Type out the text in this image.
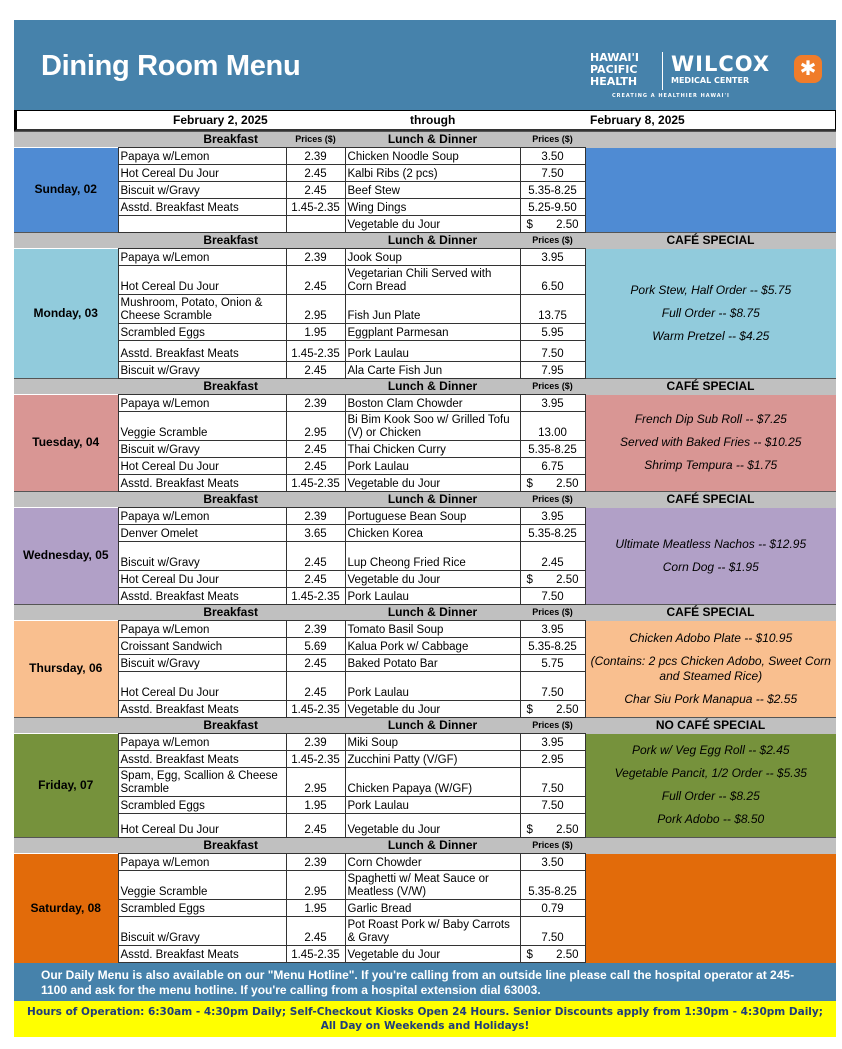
Dining Room Menu	HAWAI'I
PACIFIC
HEALTH
WILCOX
MEDICAL CENTER
CREATING A HEALTHIER HAWAI'I
✱
February 2, 2025	through	February 8, 2025
Breakfast		Prices ($)	Lunch & Dinner	Prices ($)	
Sunday, 02	Papaya w/Lemon	2.39	Chicken Noodle Soup	3.50	
	Hot Cereal Du Jour	2.45	Kalbi Ribs (2 pcs)	7.50	
	Biscuit w/Gravy	2.45	Beef Stew	5.35-8.25	
	Asstd. Breakfast Meats	1.45-2.35	Wing Dings	5.25-9.50	
			Vegetable du Jour	$ 2.50	

Breakfast			Lunch & Dinner	Prices ($)	CAFÉ SPECIAL
Monday, 03	Papaya w/Lemon	2.39	Jook Soup	3.95	Pork Stew, Half Order -- $5.75

Full Order -- $8.75

Warm Pretzel -- $4.25

	Hot Cereal Du Jour	2.45	Vegetarian Chili Served with Corn Bread	6.50	
	Mushroom, Potato, Onion & Cheese Scramble	2.95	Fish Jun Plate	13.75	
	Scrambled Eggs	1.95	Eggplant Parmesan	5.95	
	Asstd. Breakfast Meats	1.45-2.35	Pork Laulau	7.50	
	Biscuit w/Gravy	2.45	Ala Carte Fish Jun	7.95	
Breakfast			Lunch & Dinner	Prices ($)	CAFÉ SPECIAL
Tuesday, 04	Papaya w/Lemon	2.39	Boston Clam Chowder	3.95	French Dip Sub Roll -- $7.25

Served with Baked Fries -- $10.25

Shrimp Tempura -- $1.75

	Veggie Scramble	2.95	Bi Bim Kook Soo w/ Grilled Tofu (V) or Chicken	13.00	
	Biscuit w/Gravy	2.45	Thai Chicken Curry	5.35-8.25	
	Hot Cereal Du Jour	2.45	Pork Laulau	6.75	
	Asstd. Breakfast Meats	1.45-2.35	Vegetable du Jour	$ 2.50	

Breakfast			Lunch & Dinner	Prices ($)	CAFÉ SPECIAL
Wednesday, 05	Papaya w/Lemon	2.39	Portuguese Bean Soup	3.95	Ultimate Meatless Nachos -- $12.95

Corn Dog -- $1.95

	Denver Omelet	3.65	Chicken Korea	5.35-8.25	
	Biscuit w/Gravy	2.45	Lup Cheong Fried Rice	2.45	
	Hot Cereal Du Jour	2.45	Vegetable du Jour	$ 2.50	

	Asstd. Breakfast Meats	1.45-2.35	Pork Laulau	7.50	
Breakfast			Lunch & Dinner	Prices ($)	CAFÉ SPECIAL
Thursday, 06	Papaya w/Lemon	2.39	Tomato Basil Soup	3.95	Chicken Adobo Plate -- $10.95

(Contains: 2 pcs Chicken Adobo, Sweet Corn and Steamed Rice)

Char Siu Pork Manapua -- $2.55

	Croissant Sandwich	5.69	Kalua Pork w/ Cabbage	5.35-8.25	
	Biscuit w/Gravy	2.45	Baked Potato Bar	5.75	
	Hot Cereal Du Jour	2.45	Pork Laulau	7.50	
	Asstd. Breakfast Meats	1.45-2.35	Vegetable du Jour	$ 2.50	

Breakfast			Lunch & Dinner	Prices ($)	NO CAFÉ SPECIAL
Friday, 07	Papaya w/Lemon	2.39	Miki Soup	3.95	Pork w/ Veg Egg Roll -- $2.45

Vegetable Pancit, 1/2 Order -- $5.35

Full Order -- $8.25

Pork Adobo -- $8.50

	Asstd. Breakfast Meats	1.45-2.35	Zucchini Patty (V/GF)	2.95	
	Spam, Egg, Scallion & Cheese Scramble	2.95	Chicken Papaya (W/GF)	7.50	
	Scrambled Eggs	1.95	Pork Laulau	7.50	
	Hot Cereal Du Jour	2.45	Vegetable du Jour	$ 2.50	

Breakfast			Lunch & Dinner	Prices ($)	
Saturday, 08	Papaya w/Lemon	2.39	Corn Chowder	3.50	
	Veggie Scramble	2.95	Spaghetti w/ Meat Sauce or Meatless (V/W)	5.35-8.25	
	Scrambled Eggs	1.95	Garlic Bread	0.79	
	Biscuit w/Gravy	2.45	Pot Roast Pork w/ Baby Carrots & Gravy	7.50	
	Asstd. Breakfast Meats	1.45-2.35	Vegetable du Jour	$ 2.50	
Our Daily Menu is also available on our "Menu Hotline". If you're calling from an outside line please call the hospital operator at 245-1100 and ask for the menu hotline. If you're calling from a hospital extension dial 63003.
Hours of Operation: 6:30am - 4:30pm Daily; Self-Checkout Kiosks Open 24 Hours. Senior Discounts apply from 1:30pm - 4:30pm Daily; All Day on Weekends and Holidays!
